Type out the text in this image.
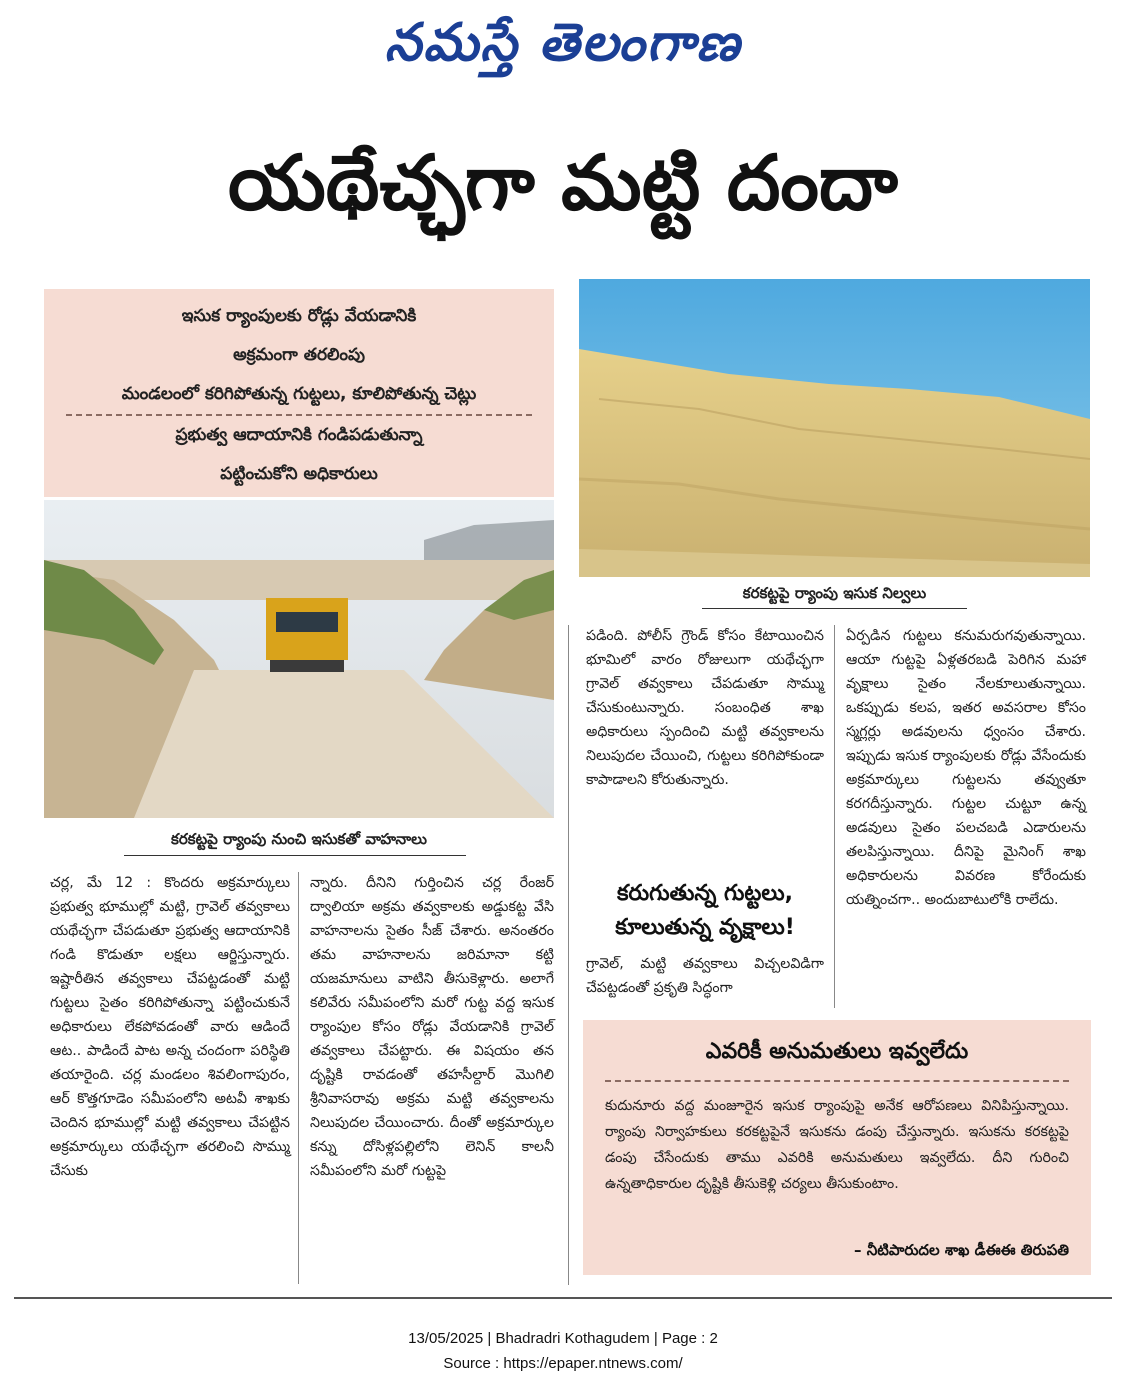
నమస్తే తెలంగాణ
యథేచ్ఛగా మట్టి దందా
ఇసుక ర్యాంపులకు రోడ్లు వేయడానికి
అక్రమంగా తరలింపు
మండలంలో కరిగిపోతున్న గుట్టలు, కూలిపోతున్న చెట్లు
ప్రభుత్వ ఆదాయానికి గండిపడుతున్నా
పట్టించుకోని అధికారులు
కరకట్టపై ర్యాంపు ఇసుక నిల్వలు
కరకట్టపై ర్యాంపు నుంచి ఇసుకతో వాహనాలు

చర్ల, మే 12 : కొందరు అక్రమార్కులు ప్రభుత్వ భూముల్లో మట్టి, గ్రావెల్ తవ్వకాలు యథేచ్ఛగా చేపడుతూ ప్రభుత్వ ఆదాయానికి గండి కొడుతూ లక్షలు ఆర్జిస్తున్నారు. ఇష్టారీతిన తవ్వకాలు చేపట్టడంతో మట్టి గుట్టలు సైతం కరిగిపోతున్నా పట్టించుకునే అధికారులు లేకపోవడంతో వారు ఆడిందే ఆట.. పాడిందే పాట అన్న చందంగా పరిస్థితి తయారైంది. చర్ల మండలం శివలింగాపురం, ఆర్ కొత్తగూడెం సమీపంలోని అటవీ శాఖకు చెందిన భూముల్లో మట్టి తవ్వకాలు చేపట్టిన అక్రమార్కులు యథేచ్ఛగా తరలించి సొమ్ము చేసుకు

న్నారు. దీనిని గుర్తించిన చర్ల రేంజర్ ద్వాలియా అక్రమ తవ్వకాలకు అడ్డుకట్ట వేసి వాహనాలను సైతం సీజ్ చేశారు. అనంతరం తమ వాహనాలను జరిమానా కట్టి యజమానులు వాటిని తీసుకెళ్లారు. అలాగే కలివేరు సమీపంలోని మరో గుట్ట వద్ద ఇసుక ర్యాంపుల కోసం రోడ్లు వేయడానికి గ్రావెల్ తవ్వకాలు చేపట్టారు. ఈ విషయం తన దృష్టికి రావడంతో తహసీల్దార్ మొగిలి శ్రీనివాసరావు అక్రమ మట్టి తవ్వకాలను నిలుపుదల చేయించారు. దీంతో అక్రమార్కుల కన్ను దోసిళ్లపల్లిలోని లెనిన్ కాలనీ సమీపంలోని మరో గుట్టపై

పడింది. పోలీస్ గ్రౌండ్ కోసం కేటాయించిన భూమిలో వారం రోజులుగా యథేచ్ఛగా గ్రావెల్ తవ్వకాలు చేపడుతూ సొమ్ము చేసుకుంటున్నారు. సంబంధిత శాఖ అధికారులు స్పందించి మట్టి తవ్వకాలను నిలుపుదల చేయించి, గుట్టలు కరిగిపోకుండా కాపాడాలని కోరుతున్నారు.

కరుగుతున్న గుట్టలు,
కూలుతున్న వృక్షాలు!

గ్రావెల్, మట్టి తవ్వకాలు విచ్చలవిడిగా చేపట్టడంతో ప్రకృతి సిద్ధంగా

ఏర్పడిన గుట్టలు కనుమరుగవుతున్నాయి. ఆయా గుట్టపై ఏళ్లతరబడి పెరిగిన మహా వృక్షాలు సైతం నేలకూలుతున్నాయి. ఒకప్పుడు కలప, ఇతర అవసరాల కోసం స్మగ్లర్లు అడవులను ధ్వంసం చేశారు. ఇప్పుడు ఇసుక ర్యాంపులకు రోడ్లు వేసేందుకు అక్రమార్కులు గుట్టలను తవ్వుతూ కరగదీస్తున్నారు. గుట్టల చుట్టూ ఉన్న అడవులు సైతం పలచబడి ఎడారులను తలపిస్తున్నాయి. దీనిపై మైనింగ్ శాఖ అధికారులను వివరణ కోరేందుకు యత్నించగా.. అందుబాటులోకి రాలేదు.

ఎవరికీ అనుమతులు ఇవ్వలేదు
కుదునూరు వద్ద మంజూరైన ఇసుక ర్యాంపుపై అనేక ఆరోపణలు వినిపిస్తున్నాయి. ర్యాంపు నిర్వాహకులు కరకట్టపైనే ఇసుకను డంపు చేస్తున్నారు. ఇసుకను కరకట్టపై డంపు చేసేందుకు తాము ఎవరికి అనుమతులు ఇవ్వలేదు. దీని గురించి ఉన్నతాధికారుల దృష్టికి తీసుకెళ్లి చర్యలు తీసుకుంటాం.
– నీటిపారుదల శాఖ డీఈఈ తిరుపతి
13/05/2025 | Bhadradri Kothagudem | Page : 2
Source : https://epaper.ntnews.com/
